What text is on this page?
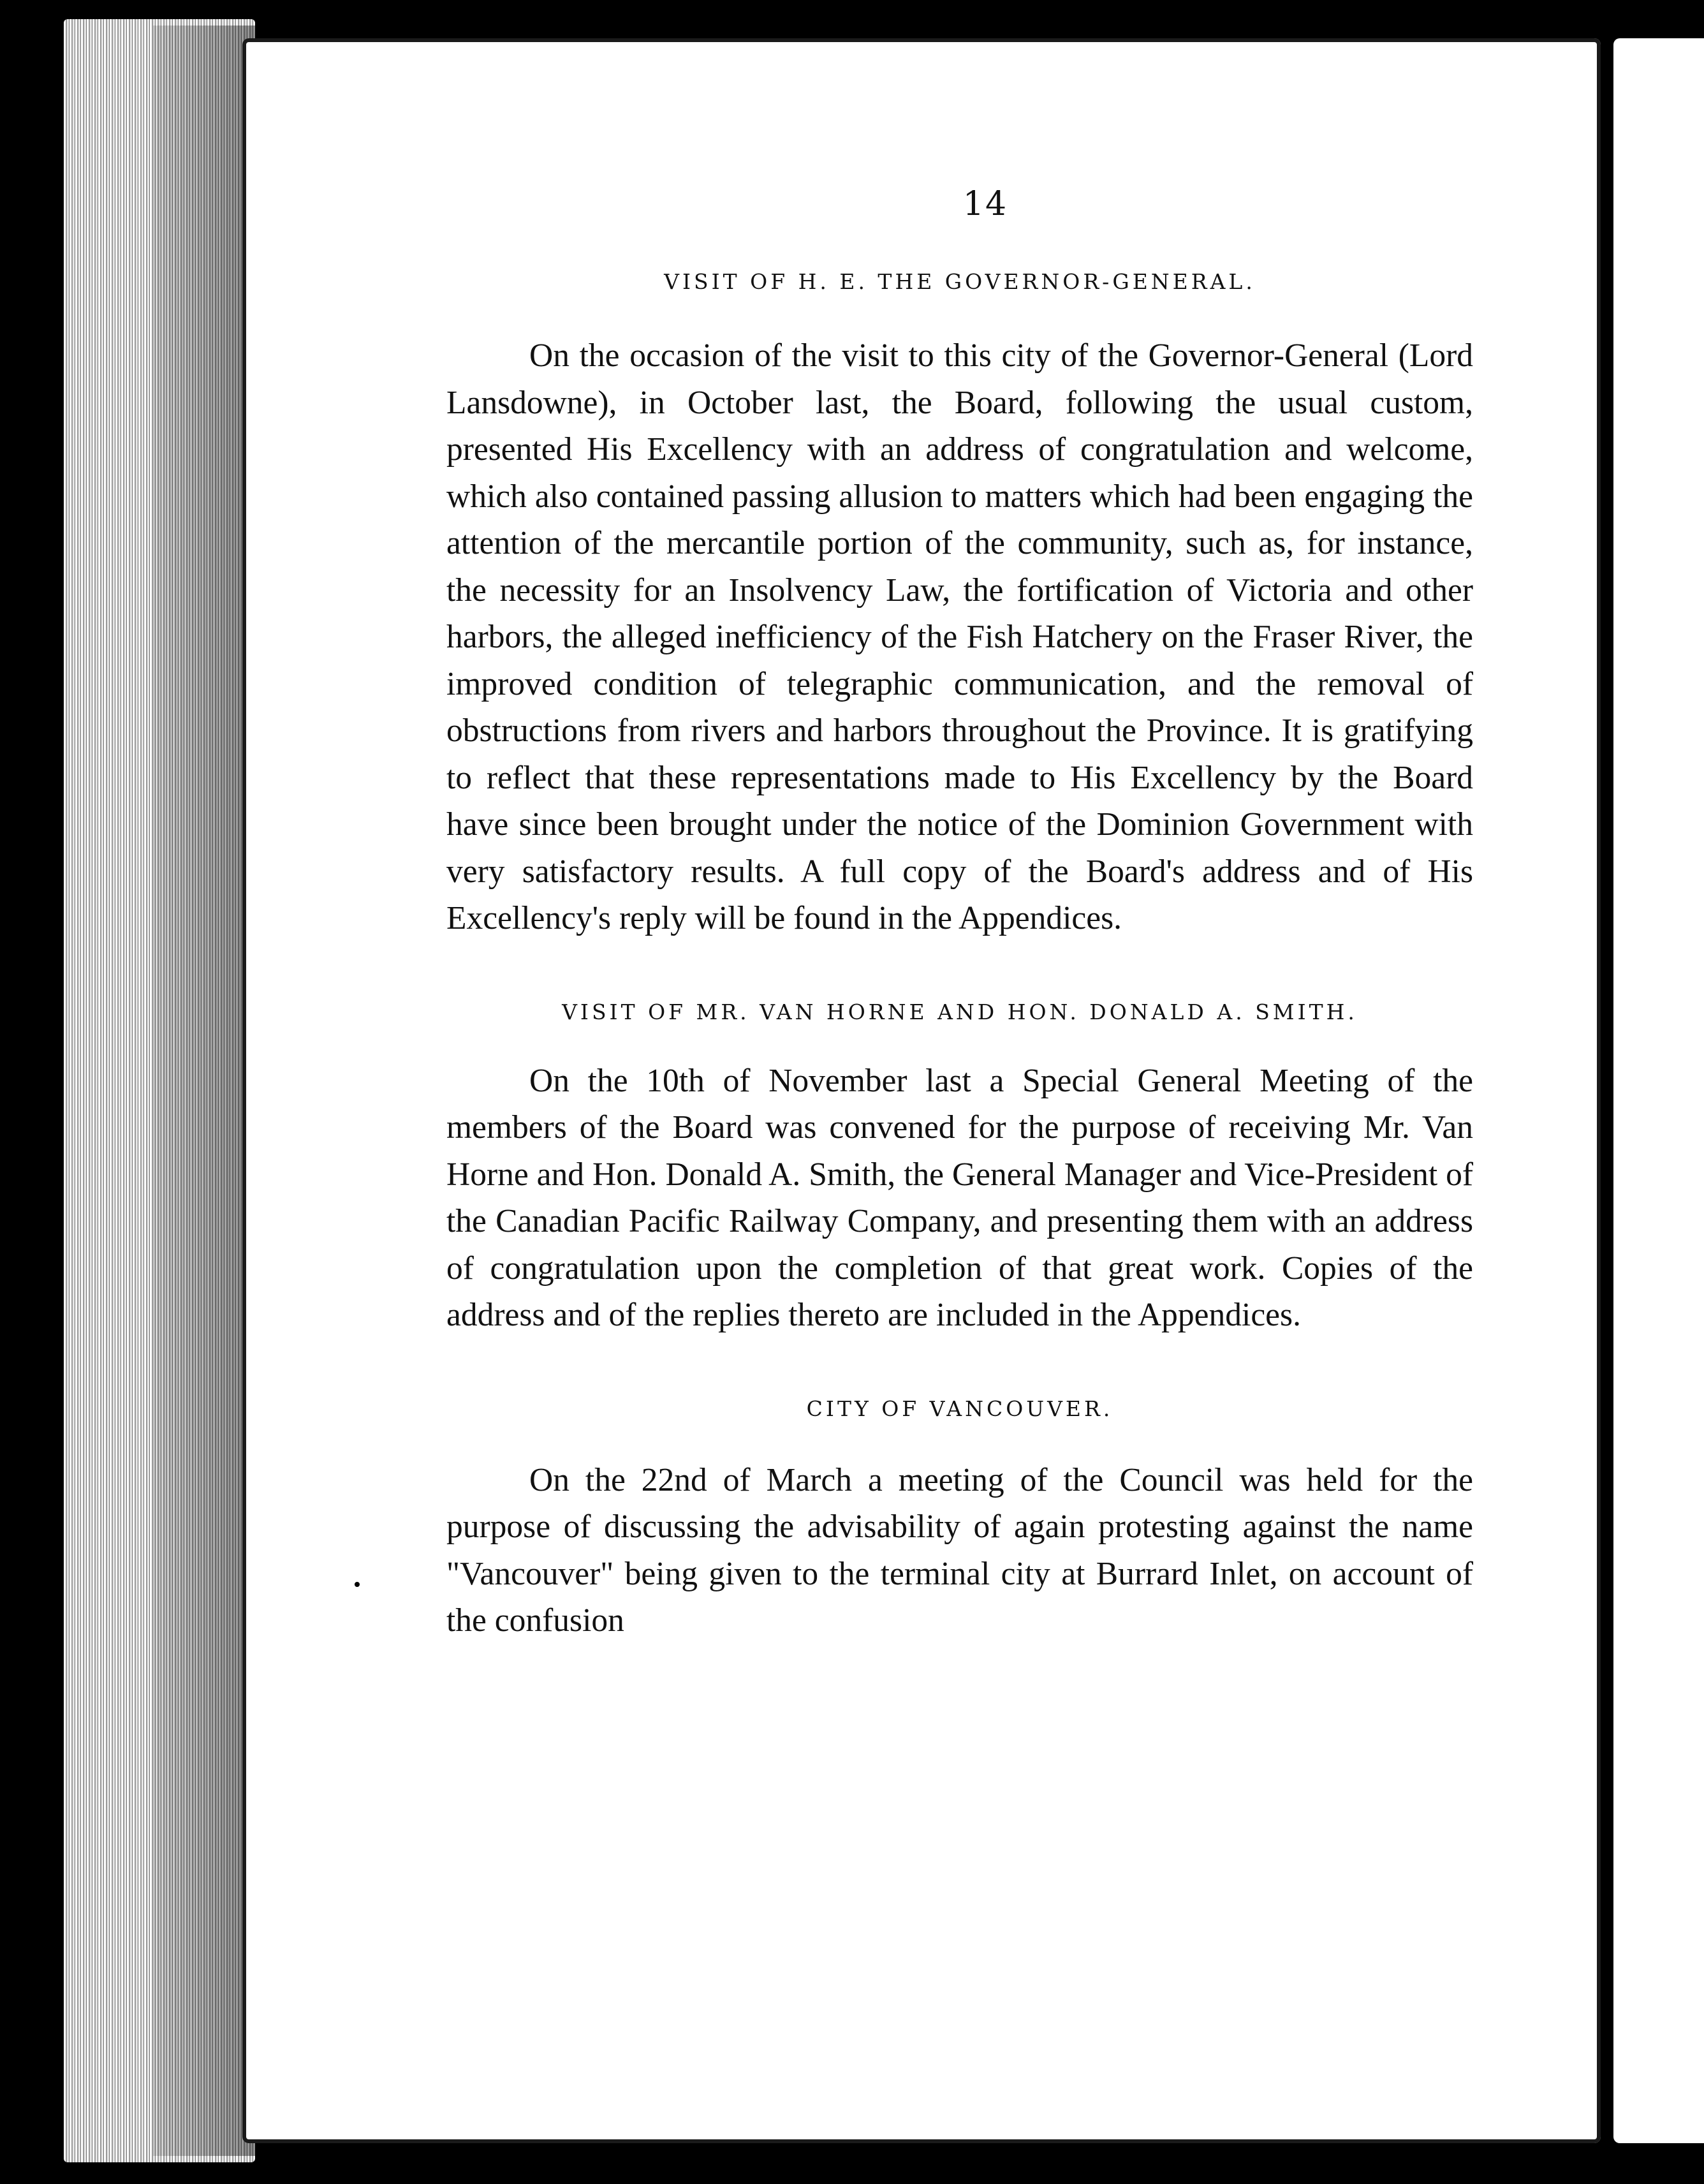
14
VISIT OF H. E. THE GOVERNOR-GENERAL.

On the occasion of the visit to this city of the Governor-General (Lord Lansdowne), in October last, the Board, following the usual custom, presented His Excellency with an address of congratulation and welcome, which also contained passing allusion to matters which had been engaging the attention of the mercantile portion of the community, such as, for instance, the necessity for an Insolvency Law, the fortification of Victoria and other harbors, the alleged inefficiency of the Fish Hatchery on the Fraser River, the improved condition of telegraphic communication, and the removal of obstructions from rivers and harbors throughout the Province. It is gratifying to reflect that these representations made to His Excellency by the Board have since been brought under the notice of the Dominion Government with very satisfactory results. A full copy of the Board's address and of His Excellency's reply will be found in the Appendices.

VISIT OF MR. VAN HORNE AND HON. DONALD A. SMITH.

On the 10th of November last a Special General Meeting of the members of the Board was convened for the purpose of receiving Mr. Van Horne and Hon. Donald A. Smith, the General Manager and Vice-President of the Canadian Pacific Railway Company, and presenting them with an address of congratulation upon the completion of that great work. Copies of the address and of the replies thereto are included in the Appendices.

CITY OF VANCOUVER.

On the 22nd of March a meeting of the Council was held for the purpose of discussing the advisability of again protesting against the name "Vancouver" being given to the terminal city at Burrard Inlet, on account of the confusion
